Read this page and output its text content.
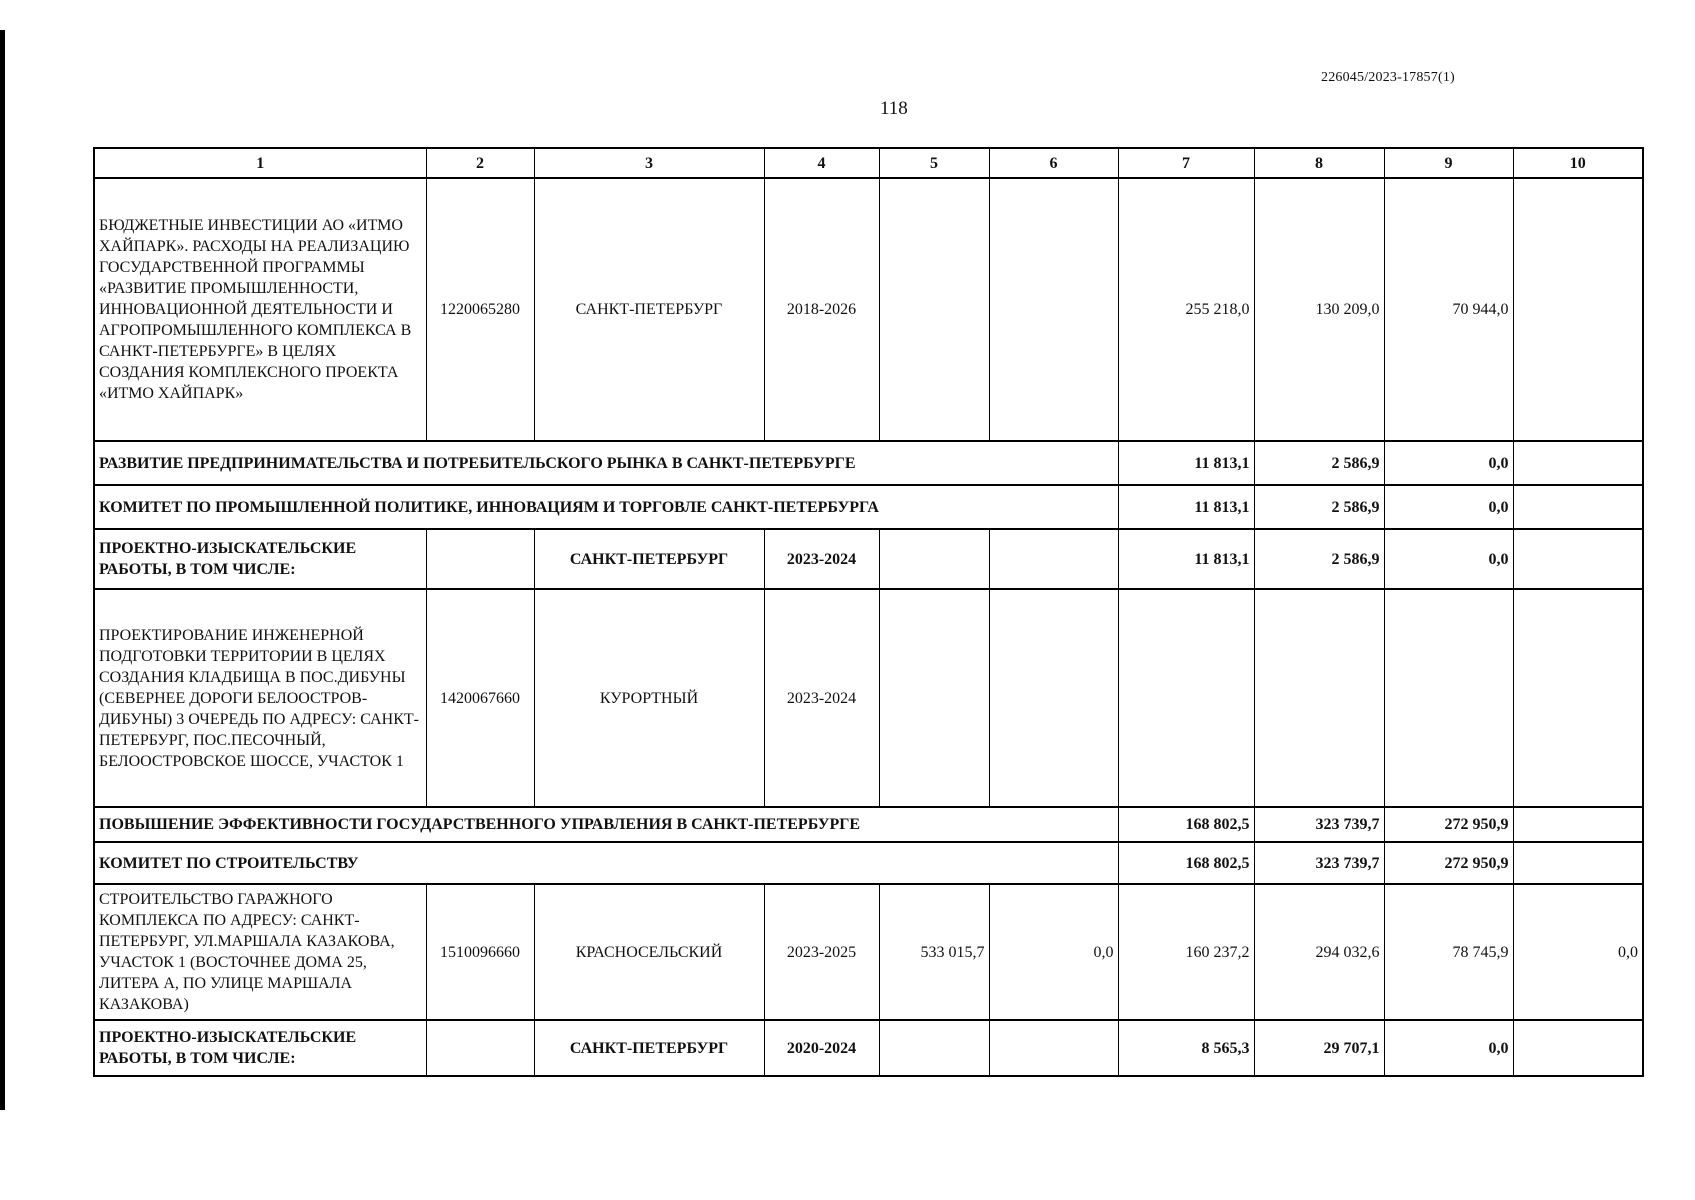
226045/2023-17857(1)
118
1	2	3	4	5	6	7	8	9	10
БЮДЖЕТНЫЕ ИНВЕСТИЦИИ АО «ИТМО ХАЙПАРК». РАСХОДЫ НА РЕАЛИЗАЦИЮ ГОСУДАРСТВЕННОЙ ПРОГРАММЫ «РАЗВИТИЕ ПРОМЫШЛЕННОСТИ, ИННОВАЦИОННОЙ ДЕЯТЕЛЬНОСТИ И АГРОПРОМЫШЛЕННОГО КОМПЛЕКСА В САНКТ-ПЕТЕРБУРГЕ» В ЦЕЛЯХ СОЗДАНИЯ КОМПЛЕКСНОГО ПРОЕКТА «ИТМО ХАЙПАРК»	1220065280	САНКТ-ПЕТЕРБУРГ	2018-2026			255 218,0	130 209,0	70 944,0	
РАЗВИТИЕ ПРЕДПРИНИМАТЕЛЬСТВА И ПОТРЕБИТЕЛЬСКОГО РЫНКА В САНКТ-ПЕТЕРБУРГЕ						11 813,1	2 586,9	0,0	
КОМИТЕТ ПО ПРОМЫШЛЕННОЙ ПОЛИТИКЕ, ИННОВАЦИЯМ И ТОРГОВЛЕ САНКТ-ПЕТЕРБУРГА						11 813,1	2 586,9	0,0	
ПРОЕКТНО-ИЗЫСКАТЕЛЬСКИЕ РАБОТЫ, В ТОМ ЧИСЛЕ:		САНКТ-ПЕТЕРБУРГ	2023-2024			11 813,1	2 586,9	0,0	
ПРОЕКТИРОВАНИЕ ИНЖЕНЕРНОЙ ПОДГОТОВКИ ТЕРРИТОРИИ В ЦЕЛЯХ СОЗДАНИЯ КЛАДБИЩА В ПОС.ДИБУНЫ (СЕВЕРНЕЕ ДОРОГИ БЕЛООСТРОВ-ДИБУНЫ) 3 ОЧЕРЕДЬ ПО АДРЕСУ: САНКТ-ПЕТЕРБУРГ, ПОС.ПЕСОЧНЫЙ, БЕЛООСТРОВСКОЕ ШОССЕ, УЧАСТОК 1	1420067660	КУРОРТНЫЙ	2023-2024						
ПОВЫШЕНИЕ ЭФФЕКТИВНОСТИ ГОСУДАРСТВЕННОГО УПРАВЛЕНИЯ В САНКТ-ПЕТЕРБУРГЕ						168 802,5	323 739,7	272 950,9	
КОМИТЕТ ПО СТРОИТЕЛЬСТВУ						168 802,5	323 739,7	272 950,9	
СТРОИТЕЛЬСТВО ГАРАЖНОГО КОМПЛЕКСА ПО АДРЕСУ: САНКТ-ПЕТЕРБУРГ, УЛ.МАРШАЛА КАЗАКОВА, УЧАСТОК 1 (ВОСТОЧНЕЕ ДОМА 25, ЛИТЕРА А, ПО УЛИЦЕ МАРШАЛА КАЗАКОВА)	1510096660	КРАСНОСЕЛЬСКИЙ	2023-2025	533 015,7	0,0	160 237,2	294 032,6	78 745,9	0,0
ПРОЕКТНО-ИЗЫСКАТЕЛЬСКИЕ РАБОТЫ, В ТОМ ЧИСЛЕ:		САНКТ-ПЕТЕРБУРГ	2020-2024			8 565,3	29 707,1	0,0	
